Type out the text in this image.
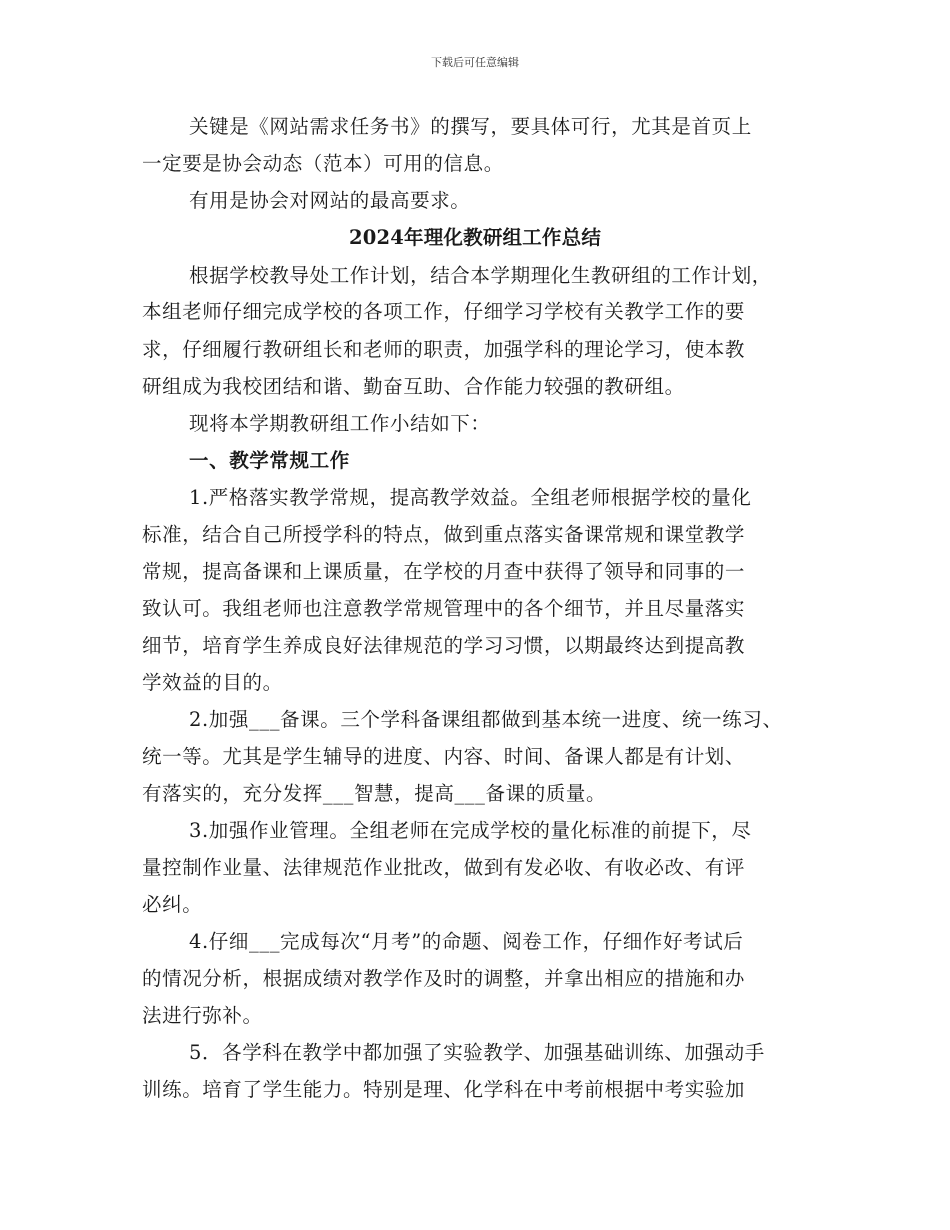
下载后可任意编辑
关键是《网站需求任务书》的撰写，要具体可行，尤其是首页上
一定要是协会动态（范本）可用的信息。
有用是协会对网站的最高要求。
2024年理化教研组工作总结
根据学校教导处工作计划，结合本学期理化生教研组的工作计划，
本组老师仔细完成学校的各项工作，仔细学习学校有关教学工作的要
求，仔细履行教研组长和老师的职责，加强学科的理论学习，使本教
研组成为我校团结和谐、勤奋互助、合作能力较强的教研组。
现将本学期教研组工作小结如下：
一、教学常规工作
1.严格落实教学常规，提高教学效益。全组老师根据学校的量化
标准，结合自己所授学科的特点，做到重点落实备课常规和课堂教学
常规，提高备课和上课质量，在学校的月查中获得了领导和同事的一
致认可。我组老师也注意教学常规管理中的各个细节，并且尽量落实
细节，培育学生养成良好法律规范的学习习惯，以期最终达到提高教
学效益的目的。
2.加强___备课。三个学科备课组都做到基本统一进度、统一练习、
统一等。尤其是学生辅导的进度、内容、时间、备课人都是有计划、
有落实的，充分发挥___智慧，提高___备课的质量。
3.加强作业管理。全组老师在完成学校的量化标准的前提下，尽
量控制作业量、法律规范作业批改，做到有发必收、有收必改、有评
必纠。
4.仔细___完成每次“月考”的命题、阅卷工作，仔细作好考试后
的情况分析，根据成绩对教学作及时的调整，并拿出相应的措施和办
法进行弥补。
5．各学科在教学中都加强了实验教学、加强基础训练、加强动手
训练。培育了学生能力。特别是理、化学科在中考前根据中考实验加
